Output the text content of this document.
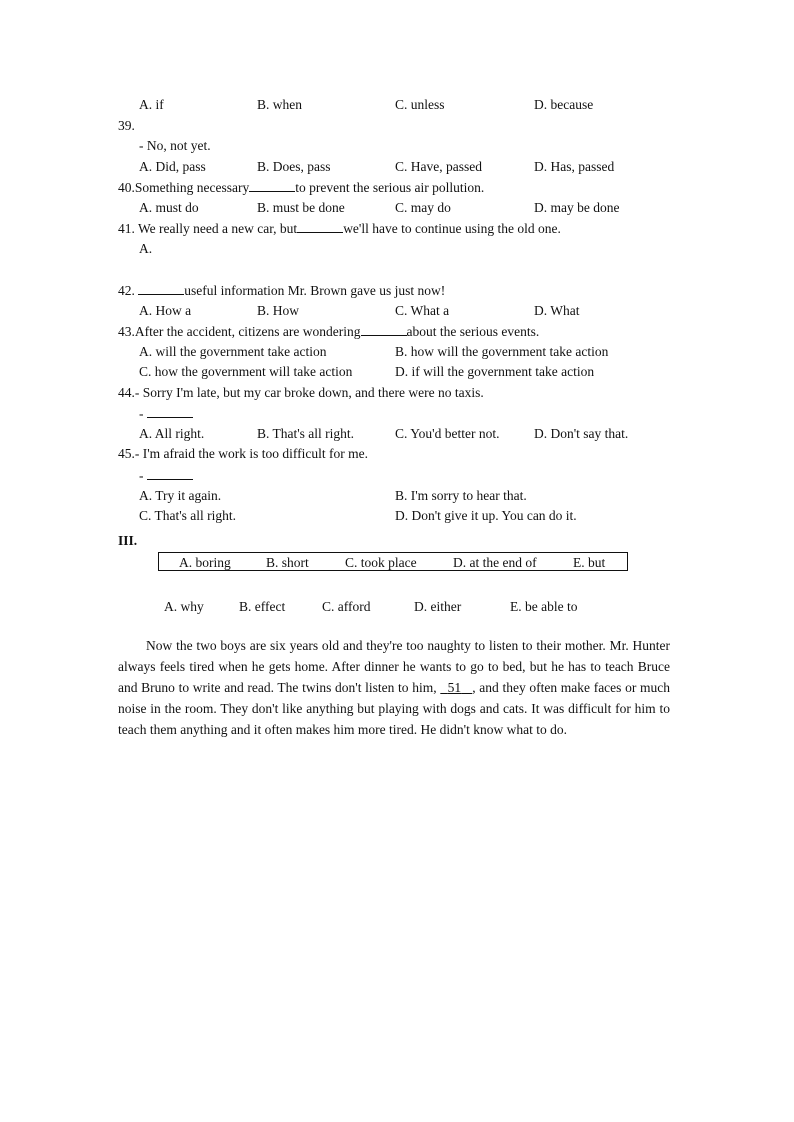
A. if	B. when	C. unless	D. because
39.
- No, not yet.
A. Did, pass	B. Does, pass	C. Have, passed	D. Has, passed
40.Something necessary	to prevent the serious air pollution.
A. must do	B. must be done	C. may do	D. may be done
41. We really need a new car, but	we'll have to continue using the old one.
A.
42.	useful information Mr. Brown gave us just now!
A. How a	B. How	C. What a	D. What
43.After the accident, citizens are wondering	about the serious events.
A. will the government take action	B. how will the government take action
C. how the government will take action	D. if will the government take action
44.- Sorry I'm late, but my car broke down, and there were no taxis.
-
A. All right.	B. That's all right.	C. You'd better not.	D. Don't say that.
45.- I'm afraid the work is too difficult for me.
-
A. Try it again.	B. I'm sorry to hear that.
C. That's all right.	D. Don't give it up. You can do it.
III.
A. boring	B. short	C. took place	D. at the end of	E. but
A. why	B. effect	C. afford	D. either	E. be able to

Now the two boys are six years old and they're too naughty to listen to their mother. Mr. Hunter always feels tired when he gets home. After dinner he wants to go to bed, but he has to teach Bruce and Bruno to write and read. The twins don't listen to him, 51 , and they often make faces or much noise in the room. They don't like anything but playing with dogs and cats. It was difficult for him to teach them anything and it often makes him more tired. He didn't know what to do.
